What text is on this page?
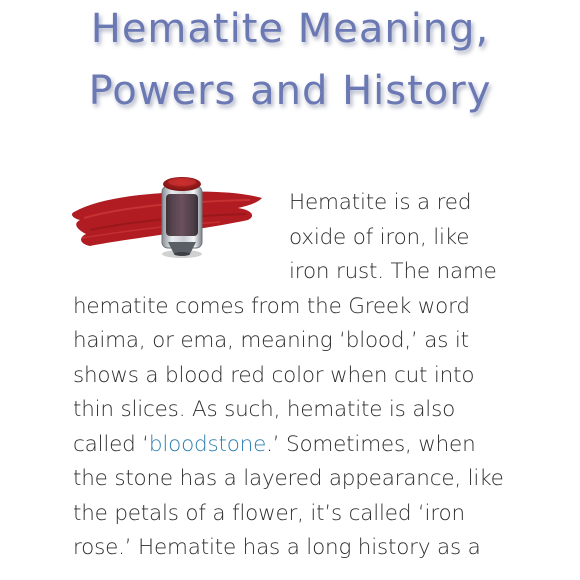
Hematite Meaning,
Powers and History

Hematite is a red oxide of iron, like iron rust. The name hematite comes from the Greek word haima, or ema, meaning ‘blood,’ as it shows a blood red color when cut into thin slices. As such, hematite is also called ‘bloodstone.’ Sometimes, when the stone has a layered appearance, like the petals of a flower, it’s called ‘iron rose.’ Hematite has a long history as a
